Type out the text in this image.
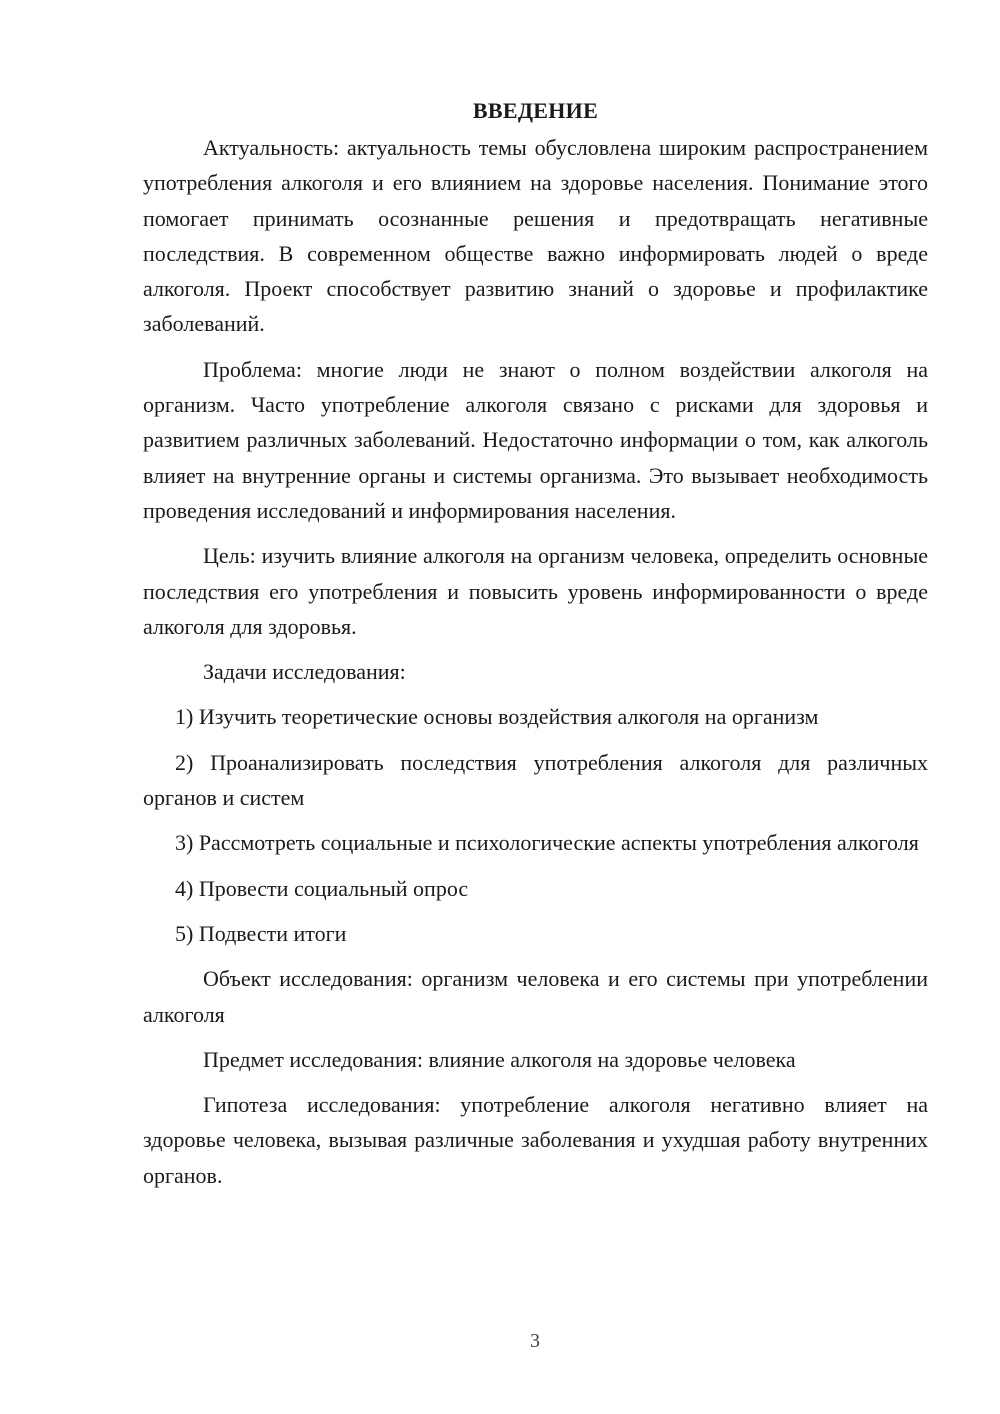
ВВЕДЕНИЕ

Актуальность: актуальность темы обусловлена широким распространением употребления алкоголя и его влиянием на здоровье населения. Понимание этого помогает принимать осознанные решения и предотвращать негативные последствия. В современном обществе важно информировать людей о вреде алкоголя. Проект способствует развитию знаний о здоровье и профилактике заболеваний.

Проблема: многие люди не знают о полном воздействии алкоголя на организм. Часто употребление алкоголя связано с рисками для здоровья и развитием различных заболеваний. Недостаточно информации о том, как алкоголь влияет на внутренние органы и системы организма. Это вызывает необходимость проведения исследований и информирования населения.

Цель: изучить влияние алкоголя на организм человека, определить основные последствия его употребления и повысить уровень информированности о вреде алкоголя для здоровья.

Задачи исследования:

1) Изучить теоретические основы воздействия алкоголя на организм

2) Проанализировать последствия употребления алкоголя для различных органов и систем

3) Рассмотреть социальные и психологические аспекты употребления алкоголя

4) Провести социальный опрос

5) Подвести итоги

Объект исследования: организм человека и его системы при употреблении алкоголя

Предмет исследования: влияние алкоголя на здоровье человека

Гипотеза исследования: употребление алкоголя негативно влияет на здоровье человека, вызывая различные заболевания и ухудшая работу внутренних органов.

3
